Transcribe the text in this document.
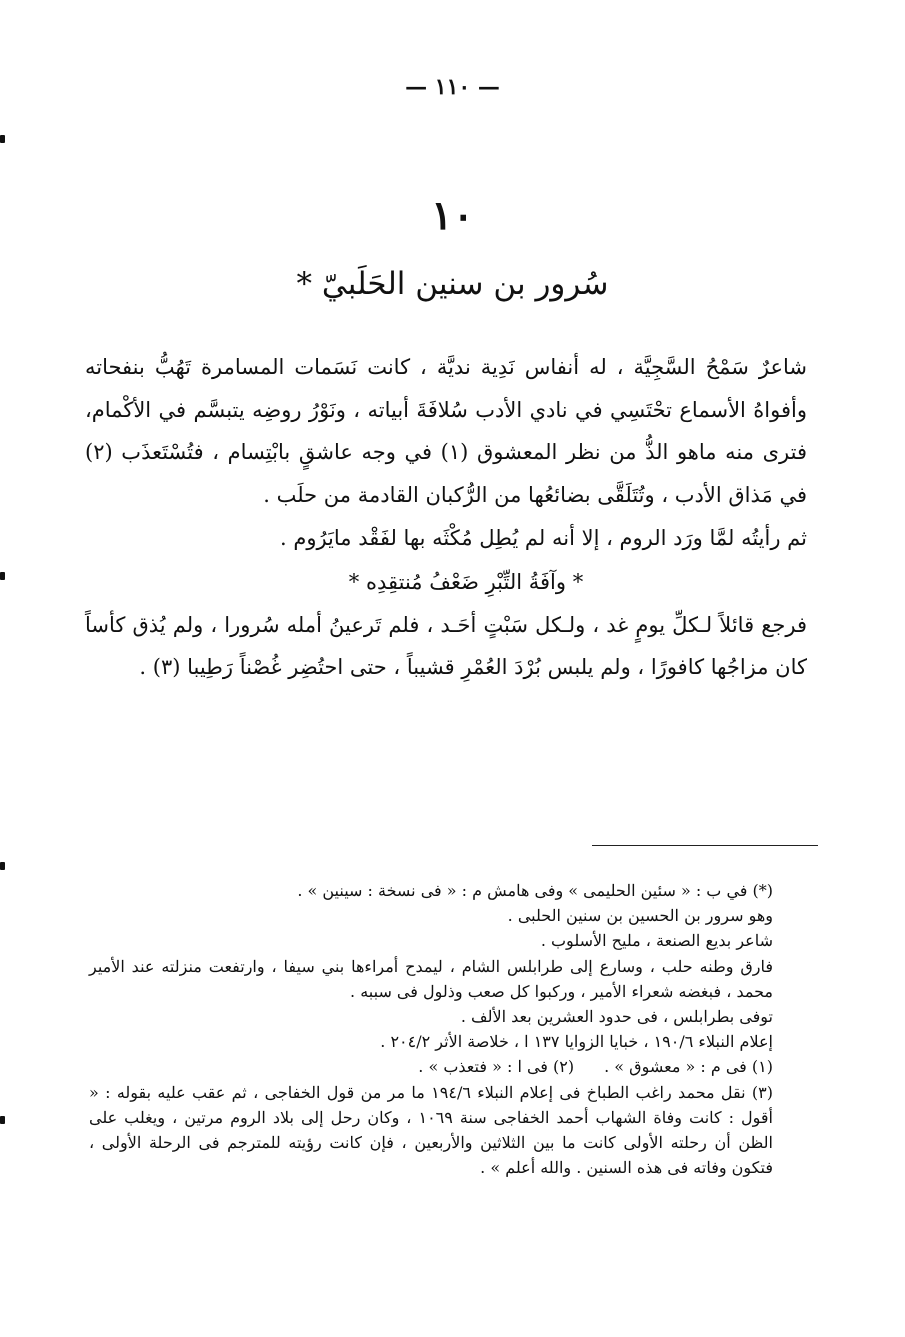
— ١١٠ —
١٠
سُرور بن سنين الحَلَبيّ *

شاعرٌ سَمْحُ السَّجِيَّة ، له أنفاس نَدِية نديَّة ، كانت نَسَمات المسامرة تَهُبُّ بنفحاته وأفواهُ الأسماع تحْتَسِي في نادي الأدب سُلافَةَ أبياته ، ونَوْرُ روضِه يتبسَّم في الأكْمام، فترى منه ماهو الذُّ من نظر المعشوق (١) في وجه عاشقٍ بابْتِسام ، فتُسْتَعذَب (٢) في مَذاق الأدب ، وتُتَلَقَّى بضائعُها من الرُّكبان القادمة من حلَب .

ثم رأيتُه لمَّا ورَد الروم ، إلا أنه لم يُطِل مُكْثَه بها لفَقْد مايَرُوم .

* وآفَةُ التِّبْرِ ضَعْفُ مُنتقِدِه *

فرجع قائلاً لـكلِّ يومٍ غد ، ولـكل سَبْتٍ أحَـد ، فلم تَرعينُ أمله سُرورا ، ولم يُذق كأساً كان مزاجُها كافورًا ، ولم يلبس بُرْدَ العُمْرِ قشيباً ، حتى احتُضِر غُصْناً رَطِيبا (٣) .

(*) في ب : « سئين الحليمى » وفى هامش م : « فى نسخة : سينين » .

وهو سرور بن الحسين بن سنين الحلبى .

شاعر بديع الصنعة ، مليح الأسلوب .

فارق وطنه حلب ، وسارع إلى طرابلس الشام ، ليمدح أمراءها بني سيفا ، وارتفعت منزلته عند الأمير محمد ، فبغضه شعراء الأمير ، وركبوا كل صعب وذلول فى سببه .

توفى بطرابلس ، فى حدود العشرين بعد الألف .

إعلام النبلاء ١٩٠/٦ ، خبايا الزوايا ١٣٧ ا ، خلاصة الأثر ٢٠٤/٢ .

(١) فى م : « معشوق » .(٢) فى ا : « فتعذب » .

(٣) نقل محمد راغب الطباخ فى إعلام النبلاء ١٩٤/٦ ما مر من قول الخفاجى ، ثم عقب عليه بقوله : « أقول : كانت وفاة الشهاب أحمد الخفاجى سنة ١٠٦٩ ، وكان رحل إلى بلاد الروم مرتين ، ويغلب على الظن أن رحلته الأولى كانت ما بين الثلاثين والأربعين ، فإن كانت رؤيته للمترجم فى الرحلة الأولى ، فتكون وفاته فى هذه السنين . والله أعلم » .
